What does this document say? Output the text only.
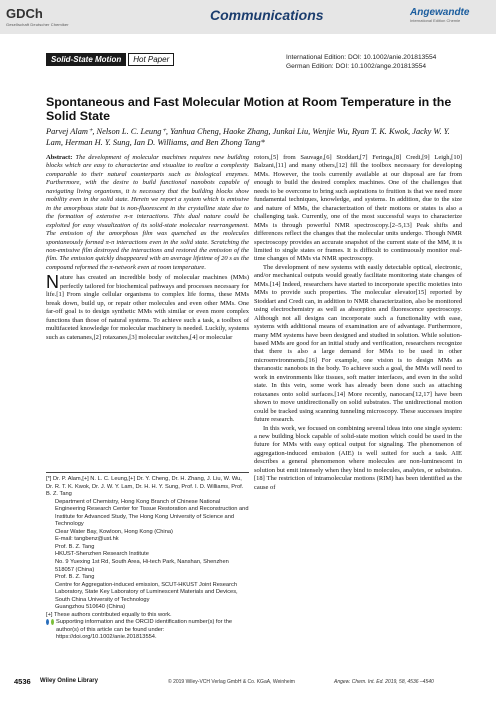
GDCh
Gesellschaft Deutscher Chemiker
Communications	Angewandte
International Edition Chemie
Solid-State Motion	Hot Paper	International Edition: DOI: 10.1002/anie.201813554
German Edition: DOI: 10.1002/ange.201813554
Spontaneous and Fast Molecular Motion at Room Temperature in the Solid State
Parvej Alam⁺, Nelson L. C. Leung⁺, Yanhua Cheng, Haoke Zhang, Junkai Liu, Wenjie Wu, Ryan T. K. Kwok, Jacky W. Y. Lam, Herman H. Y. Sung, Ian D. Williams, and Ben Zhong Tang*

Abstract: The development of molecular machines requires new building blocks which are easy to characterize and visualize to realize a complexity comparable to their natural counterparts such as biological enzymes. Furthermore, with the desire to build functional nanobots capable of navigating living organisms, it is necessary that the building blocks show mobility even in the solid state. Herein we report a system which is emissive in the amorphous state but is non-fluorescent in the crystalline state due to the formation of extensive π-π interactions. This dual nature could be exploited for easy visualization of its solid-state molecular rearrangement. The emission of the amorphous film was quenched as the molecules spontaneously formed π-π interactions even in the solid state. Scratching the non-emissive film destroyed the interactions and restored the emission of the film. The emission quickly disappeared with an average lifetime of 20 s as the compound reformed the π-network even at room temperature.

Nature has created an incredible body of molecular machines (MMs) perfectly tailored for biochemical pathways and processes necessary for life.[1] From single cellular organisms to complex life forms, these MMs break down, build up, or repair other molecules and even other MMs. One far-off goal is to design synthetic MMs with similar or even more complex functions than those of natural systems. To achieve such a task, a toolbox of multifaceted knowledge for molecular machinery is needed. Luckily, systems such as catenanes,[2] rotaxanes,[3] molecular switches,[4] or molecular

rotors,[5] from Sauvage,[6] Stoddart,[7] Feringa,[8] Credi,[9] Leigh,[10] Balzani,[11] and many others,[12] fill the toolbox necessary for developing MMs. However, the tools currently available at our disposal are far from enough to build the desired complex machines. One of the challenges that needs to be overcome to bring such aspirations to fruition is that we need more fundamental techniques, knowledge, and systems. In addition, due to the size and nature of MMs, the characterization of their motions or states is also a challenging task. Currently, one of the most successful ways to characterize MMs is through powerful NMR spectroscopy.[2–5,13] Peak shifts and differences reflect the changes that the molecular units undergo. Though NMR spectroscopy provides an accurate snapshot of the current state of the MM, it is limited to single states or frames. It is difficult to continuously monitor real-time changes of MMs via NMR spectroscopy.

The development of new systems with easily detectable optical, electronic, and/or mechanical outputs would greatly facilitate monitoring state changes of MMs.[14] Indeed, researchers have started to incorporate specific moieties into MMs to provide such properties. The molecular elevator[15] reported by Stoddart and Credi can, in addition to NMR characterization, also be monitored using electrochemistry as well as absorption and fluorescence spectroscopy. Although not all designs can incorporate such a functionality with ease, systems with additional means of examination are of advantage. Furthermore, many MM systems have been designed and studied in solution. While solution-based MMs are good for an initial study and verification, researchers recognize that there is also a large demand for MMs to be used in other microenvironments.[16] For example, one vision is to design MMs as theranostic nanobots in the body. To achieve such a goal, the MMs will need to work in environments like tissues, soft matter interfaces, and even in the solid state. In this vein, some work has already been done such as attaching rotaxanes onto solid surfaces.[14] More recently, nanocars[12,17] have been shown to move unidirectionally on solid substrates. The unidirectional motion could be tracked using scanning tunneling microscopy. These successes inspire future research.

In this work, we focused on combining several ideas into one single system: a new building block capable of solid-state motion which could be used in the future for MMs with easy optical output for signaling. The phenomenon of aggregation-induced emission (AIE) is well suited for such a task. AIE describes a general phenomenon where molecules are non-luminescent in solution but emit intensely when they bind to molecules, analytes, or substrates.[18] The restriction of intramolecular motions (RIM) has been identified as the cause of

[*] Dr. P. Alam,[+] N. L. C. Leung,[+] Dr. Y. Cheng, Dr. H. Zhang, J. Liu, W. Wu, Dr. R. T. K. Kwok, Dr. J. W. Y. Lam, Dr. H. H. Y. Sung, Prof. I. D. Williams, Prof. B. Z. Tang
Department of Chemistry, Hong Kong Branch of Chinese National Engineering Research Center for Tissue Restoration and Reconstruction and Institute for Advanced Study, The Hong Kong University of Science and Technology
Clear Water Bay, Kowloon, Hong Kong (China)
E-mail: tangbenz@ust.hk
Prof. B. Z. Tang
HKUST-Shenzhen Research Institute
No. 9 Yuexing 1st Rd, South Area, Hi-tech Park, Nanshan, Shenzhen 518057 (China)
Prof. B. Z. Tang
Centre for Aggregation-induced emission, SCUT-HKUST Joint Research Laboratory, State Key Laboratory of Luminescent Materials and Devices, South China University of Technology
Guangzhou 510640 (China)
[+] These authors contributed equally to this work.
Supporting information and the ORCID identification number(s) for the author(s) of this article can be found under: https://doi.org/10.1002/anie.201813554.
4536 Wiley Online Library	© 2019 Wiley-VCH Verlag GmbH & Co. KGaA, Weinheim	Angew. Chem. Int. Ed. 2019, 58, 4536 –4540
